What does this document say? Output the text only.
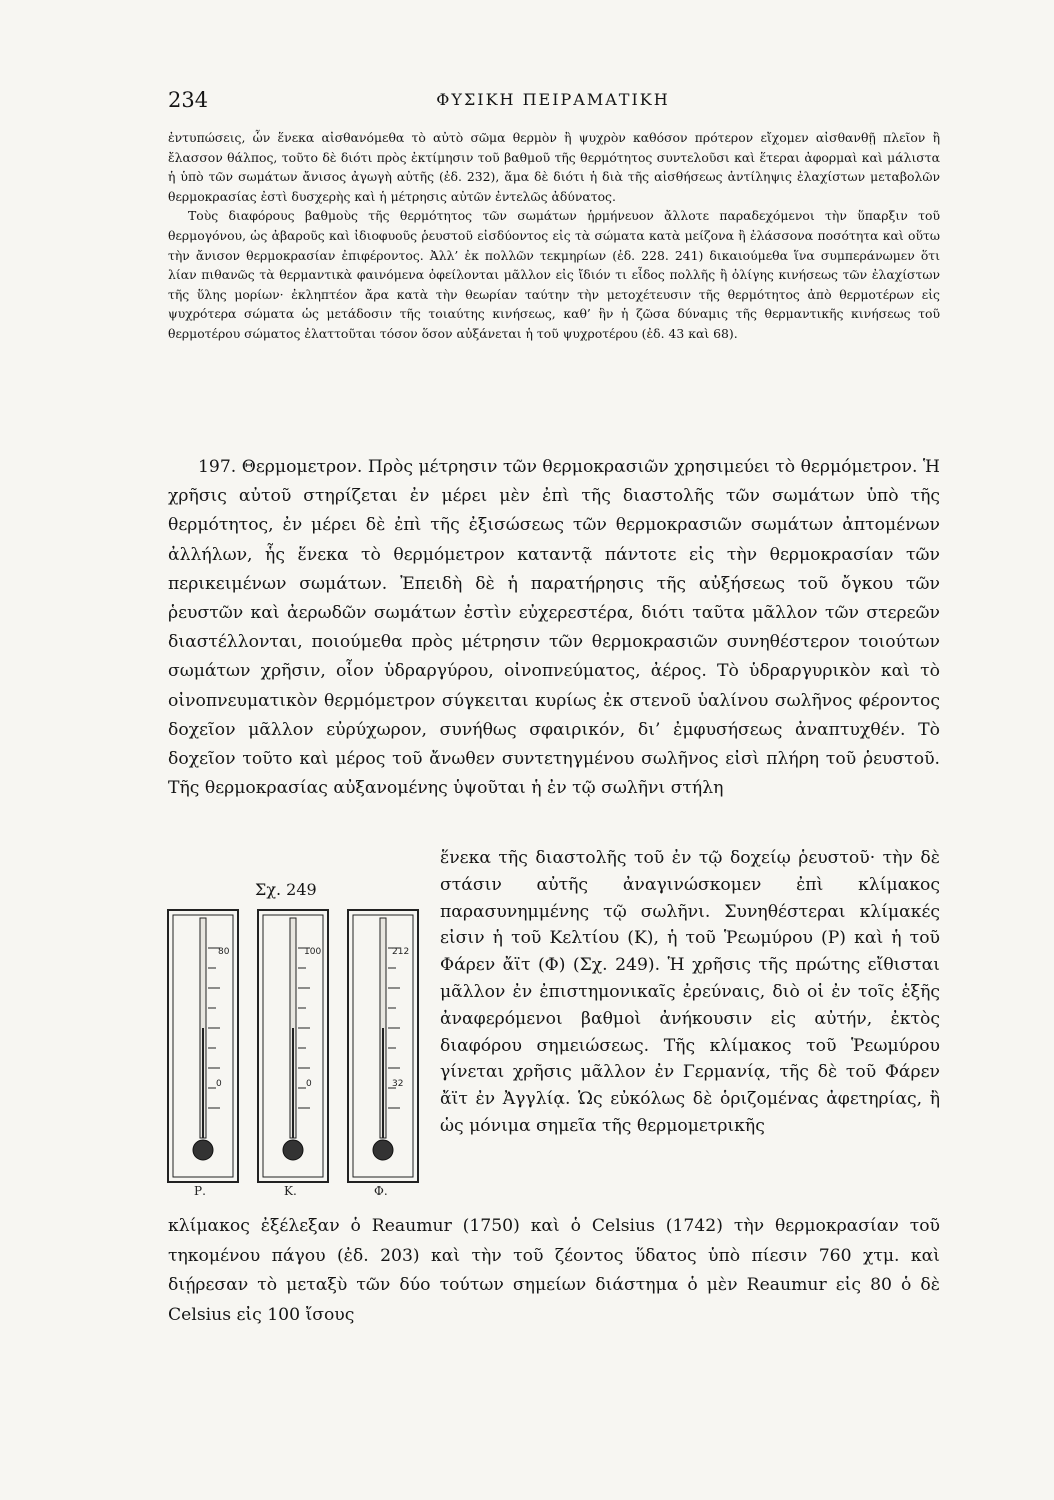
234	ΦΥΣΙΚΗ ΠΕΙΡΑΜΑΤΙΚΗ

ἐντυπώσεις, ὧν ἕνεκα αἰσθανόμεθα τὸ αὐτὸ σῶμα θερμὸν ἢ ψυχρὸν καθόσον πρότερον εἴχομεν αἰσθανθῇ πλεῖον ἢ ἔλασσον θάλπος, τοῦτο δὲ διότι πρὸς ἐκτίμησιν τοῦ βαθμοῦ τῆς θερμότητος συντελοῦσι καὶ ἕτεραι ἀφορμαὶ καὶ μάλιστα ἡ ὑπὸ τῶν σωμάτων ἄνισος ἀγωγὴ αὐτῆς (ἐδ. 232), ἅμα δὲ διότι ἡ διὰ τῆς αἰσθήσεως ἀντίληψις ἐλαχίστων μεταβολῶν θερμοκρασίας ἐστὶ δυσχερὴς καὶ ἡ μέτρησις αὐτῶν ἐντελῶς ἀδύνατος.

Τοὺς διαφόρους βαθμοὺς τῆς θερμότητος τῶν σωμάτων ἡρμήνευον ἄλλοτε παραδεχόμενοι τὴν ὕπαρξιν τοῦ θερμογόνου, ὡς ἀβαροῦς καὶ ἰδιοφυοῦς ῥευστοῦ εἰσδύοντος εἰς τὰ σώματα κατὰ μείζονα ἢ ἐλάσσονα ποσότητα καὶ οὕτω τὴν ἄνισον θερμοκρασίαν ἐπιφέροντος. Ἀλλ’ ἐκ πολλῶν τεκμηρίων (ἐδ. 228. 241) δικαιούμεθα ἵνα συμπεράνωμεν ὅτι λίαν πιθανῶς τὰ θερμαντικὰ φαινόμενα ὀφείλονται μᾶλλον εἰς ἴδιόν τι εἶδος πολλῆς ἢ ὀλίγης κινήσεως τῶν ἐλαχίστων τῆς ὕλης μορίων· ἐκληπτέον ἄρα κατὰ τὴν θεωρίαν ταύτην τὴν μετοχέτευσιν τῆς θερμότητος ἀπὸ θερμοτέρων εἰς ψυχρότερα σώματα ὡς μετάδοσιν τῆς τοιαύτης κινήσεως, καθ’ ἣν ἡ ζῶσα δύναμις τῆς θερμαντικῆς κινήσεως τοῦ θερμοτέρου σώματος ἐλαττοῦται τόσον ὅσον αὐξάνεται ἡ τοῦ ψυχροτέρου (ἐδ. 43 καὶ 68).

197. Θερμομετρον. Πρὸς μέτρησιν τῶν θερμοκρασιῶν χρησιμεύει τὸ θερμόμετρον. Ἡ χρῆσις αὐτοῦ στηρίζεται ἐν μέρει μὲν ἐπὶ τῆς διαστολῆς τῶν σωμάτων ὑπὸ τῆς θερμότητος, ἐν μέρει δὲ ἐπὶ τῆς ἐξισώσεως τῶν θερμοκρασιῶν σωμάτων ἀπτομένων ἀλλήλων, ἧς ἕνεκα τὸ θερμόμετρον καταντᾷ πάντοτε εἰς τὴν θερμοκρασίαν τῶν περικειμένων σωμάτων. Ἐπειδὴ δὲ ἡ παρατήρησις τῆς αὐξήσεως τοῦ ὄγκου τῶν ῥευστῶν καὶ ἀερωδῶν σωμάτων ἐστὶν εὐχερεστέρα, διότι ταῦτα μᾶλλον τῶν στερεῶν διαστέλλονται, ποιούμεθα πρὸς μέτρησιν τῶν θερμοκρασιῶν συνηθέστερον τοιούτων σωμάτων χρῆσιν, οἷον ὑδραργύρου, οἰνοπνεύματος, ἀέρος. Τὸ ὑδραργυρικὸν καὶ τὸ οἰνοπνευματικὸν θερμόμετρον σύγκειται κυρίως ἐκ στενοῦ ὑαλίνου σωλῆνος φέροντος δοχεῖον μᾶλλον εὐρύχωρον, συνήθως σφαιρικόν, δι’ ἐμφυσήσεως ἀναπτυχθέν. Τὸ δοχεῖον τοῦτο καὶ μέρος τοῦ ἄνωθεν συντετηγμένου σωλῆνος εἰσὶ πλήρη τοῦ ῥευστοῦ. Τῆς θερμοκρασίας αὐξανομένης ὑψοῦται ἡ ἐν τῷ σωλῆνι στήλη

Σχ. 249
80
0
Ρ.
100
0
Κ.
212
32
Φ.

ἕνεκα τῆς διαστολῆς τοῦ ἐν τῷ δοχείῳ ῥευστοῦ· τὴν δὲ στάσιν αὐτῆς ἀναγινώσκομεν ἐπὶ κλίμακος παρασυνημμένης τῷ σωλῆνι. Συνηθέστεραι κλίμακές εἰσιν ἡ τοῦ Κελτίου (Κ), ἡ τοῦ Ῥεωμύρου (Ρ) καὶ ἡ τοῦ Φάρεν ἄϊτ (Φ) (Σχ. 249). Ἡ χρῆσις τῆς πρώτης εἴθισται μᾶλλον ἐν ἐπιστημονικαῖς ἐρεύναις, διὸ οἱ ἐν τοῖς ἑξῆς ἀναφερόμενοι βαθμοὶ ἀνήκουσιν εἰς αὐτήν, ἐκτὸς διαφόρου σημειώσεως. Τῆς κλίμακος τοῦ Ῥεωμύρου γίνεται χρῆσις μᾶλλον ἐν Γερμανίᾳ, τῆς δὲ τοῦ Φάρεν ἄϊτ ἐν Ἀγγλίᾳ. Ὡς εὐκόλως δὲ ὁριζομένας ἀφετηρίας, ἢ ὡς μόνιμα σημεῖα τῆς θερμομετρικῆς

κλίμακος ἐξέλεξαν ὁ Reaumur (1750) καὶ ὁ Celsius (1742) τὴν θερμοκρασίαν τοῦ τηκομένου πάγου (ἐδ. 203) καὶ τὴν τοῦ ζέοντος ὕδατος ὑπὸ πίεσιν 760 χτμ. καὶ διῄρεσαν τὸ μεταξὺ τῶν δύο τούτων σημείων διάστημα ὁ μὲν Reaumur εἰς 80 ὁ δὲ Celsius εἰς 100 ἴσους
